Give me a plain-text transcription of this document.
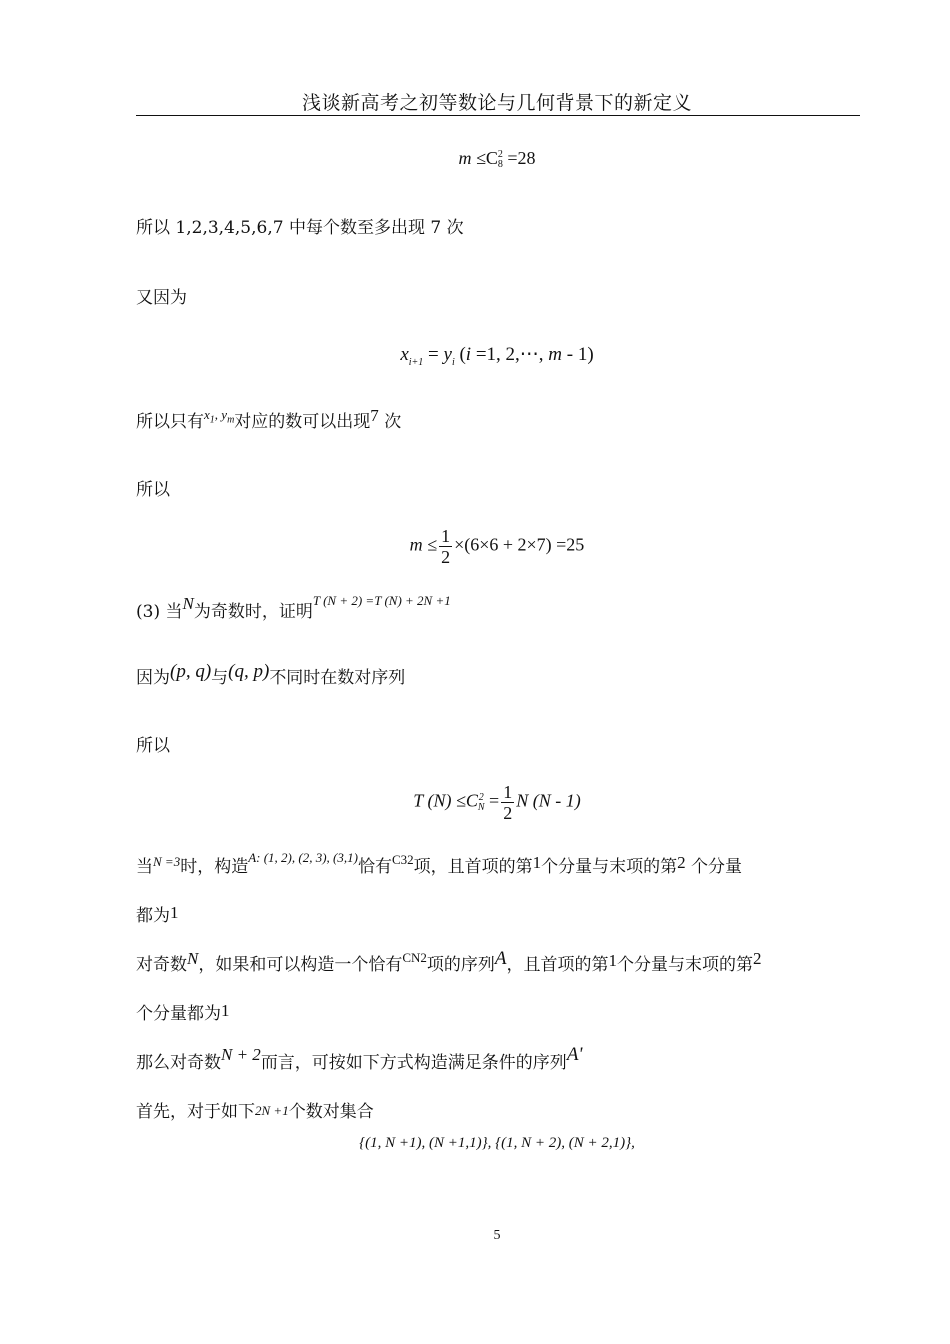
浅谈新高考之初等数论与几何背景下的新定义
m ≤C2
8 =28
所以 1,2,3,4,5,6,7 中每个数至多出现 7 次
又因为
$x_{i+1} = y_i$ (i =1, 2,⋯, m - 1)
所以只有$^{x_1, y_m}$对应的数可以出现7 次
所以
$m \le \frac{1}{2} \times(6\times 6 + 2\times 7) =25$
(3) 当N为奇数时，证明$^{T (N + 2) =T (N) + 2N +1}$
因为(p, q)与(q, p)不同时在数对序列
所以
T (N) ≤C2
$N = \frac{1}{2}$ N (N - 1)
当$^{N =3}$时，构造$^{A: (1, 2), (2, 3), (3,1)}$恰有$^{C32}$项，且首项的第1个分量与末项的第2 个分量
都为1
对奇数N，如果和可以构造一个恰有$^{CN2}$项的序列A，且首项的第1个分量与末项的第2
个分量都为1
那么对奇数N + 2而言，可按如下方式构造满足条件的序列A'
首先，对于如下2N +1个数对集合
{(1, N +1), (N +1,1)}, {(1, N + 2), (N + 2,1)},
5
